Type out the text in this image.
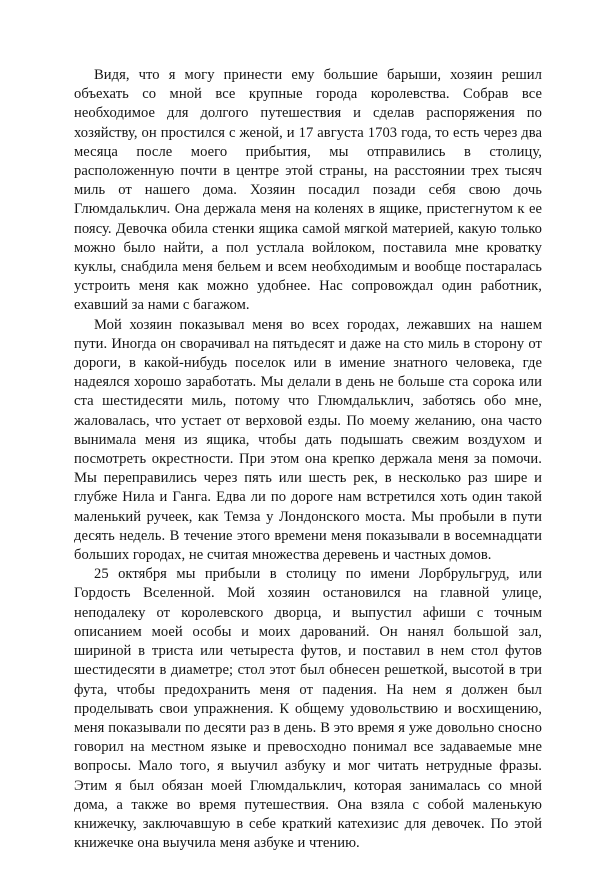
Видя, что я могу принести ему большие барыши, хозяин решил объехать со мной все крупные города королевства. Собрав все необходимое для долгого путешествия и сделав распоряжения по хозяйству, он простился с женой, и 17 августа 1703 года, то есть через два месяца после моего прибытия, мы отправились в столицу, расположенную почти в центре этой страны, на расстоянии трех тысяч миль от нашего дома. Хозяин посадил позади себя свою дочь Глюмдальклич. Она держала меня на коленях в ящике, пристегнутом к ее поясу. Девочка обила стенки ящика самой мягкой материей, какую только можно было найти, а пол устлала войлоком, поставила мне кроватку куклы, снабдила меня бельем и всем необходимым и вообще постаралась устроить меня как можно удобнее. Нас сопровождал один работник, ехавший за нами с багажом.

Мой хозяин показывал меня во всех городах, лежавших на нашем пути. Иногда он сворачивал на пятьдесят и даже на сто миль в сторону от дороги, в какой-нибудь поселок или в имение знатного человека, где надеялся хорошо заработать. Мы делали в день не больше ста сорока или ста шестидесяти миль, потому что Глюмдальклич, заботясь обо мне, жаловалась, что устает от верховой езды. По моему желанию, она часто вынимала меня из ящика, чтобы дать подышать свежим воздухом и посмотреть окрестности. При этом она крепко держала меня за помочи. Мы переправились через пять или шесть рек, в несколько раз шире и глубже Нила и Ганга. Едва ли по дороге нам встретился хоть один такой маленький ручеек, как Темза у Лондонского моста. Мы пробыли в пути десять недель. В течение этого времени меня показывали в восемнадцати больших городах, не считая множества деревень и частных домов.

25 октября мы прибыли в столицу по имени Лорбрульгруд, или Гордость Вселенной. Мой хозяин остановился на главной улице, неподалеку от королевского дворца, и выпустил афиши с точным описанием моей особы и моих дарований. Он нанял большой зал, шириной в триста или четыреста футов, и поставил в нем стол футов шестидесяти в диаметре; стол этот был обнесен решеткой, высотой в три фута, чтобы предохранить меня от падения. На нем я должен был проделывать свои упражнения. К общему удовольствию и восхищению, меня показывали по десяти раз в день. В это время я уже довольно сносно говорил на местном языке и превосходно понимал все задаваемые мне вопросы. Мало того, я выучил азбуку и мог читать нетрудные фразы. Этим я был обязан моей Глюмдальклич, которая занималась со мной дома, а также во время путешествия. Она взяла с собой маленькую книжечку, заключавшую в себе краткий катехизис для девочек. По этой книжечке она выучила меня азбуке и чтению.
